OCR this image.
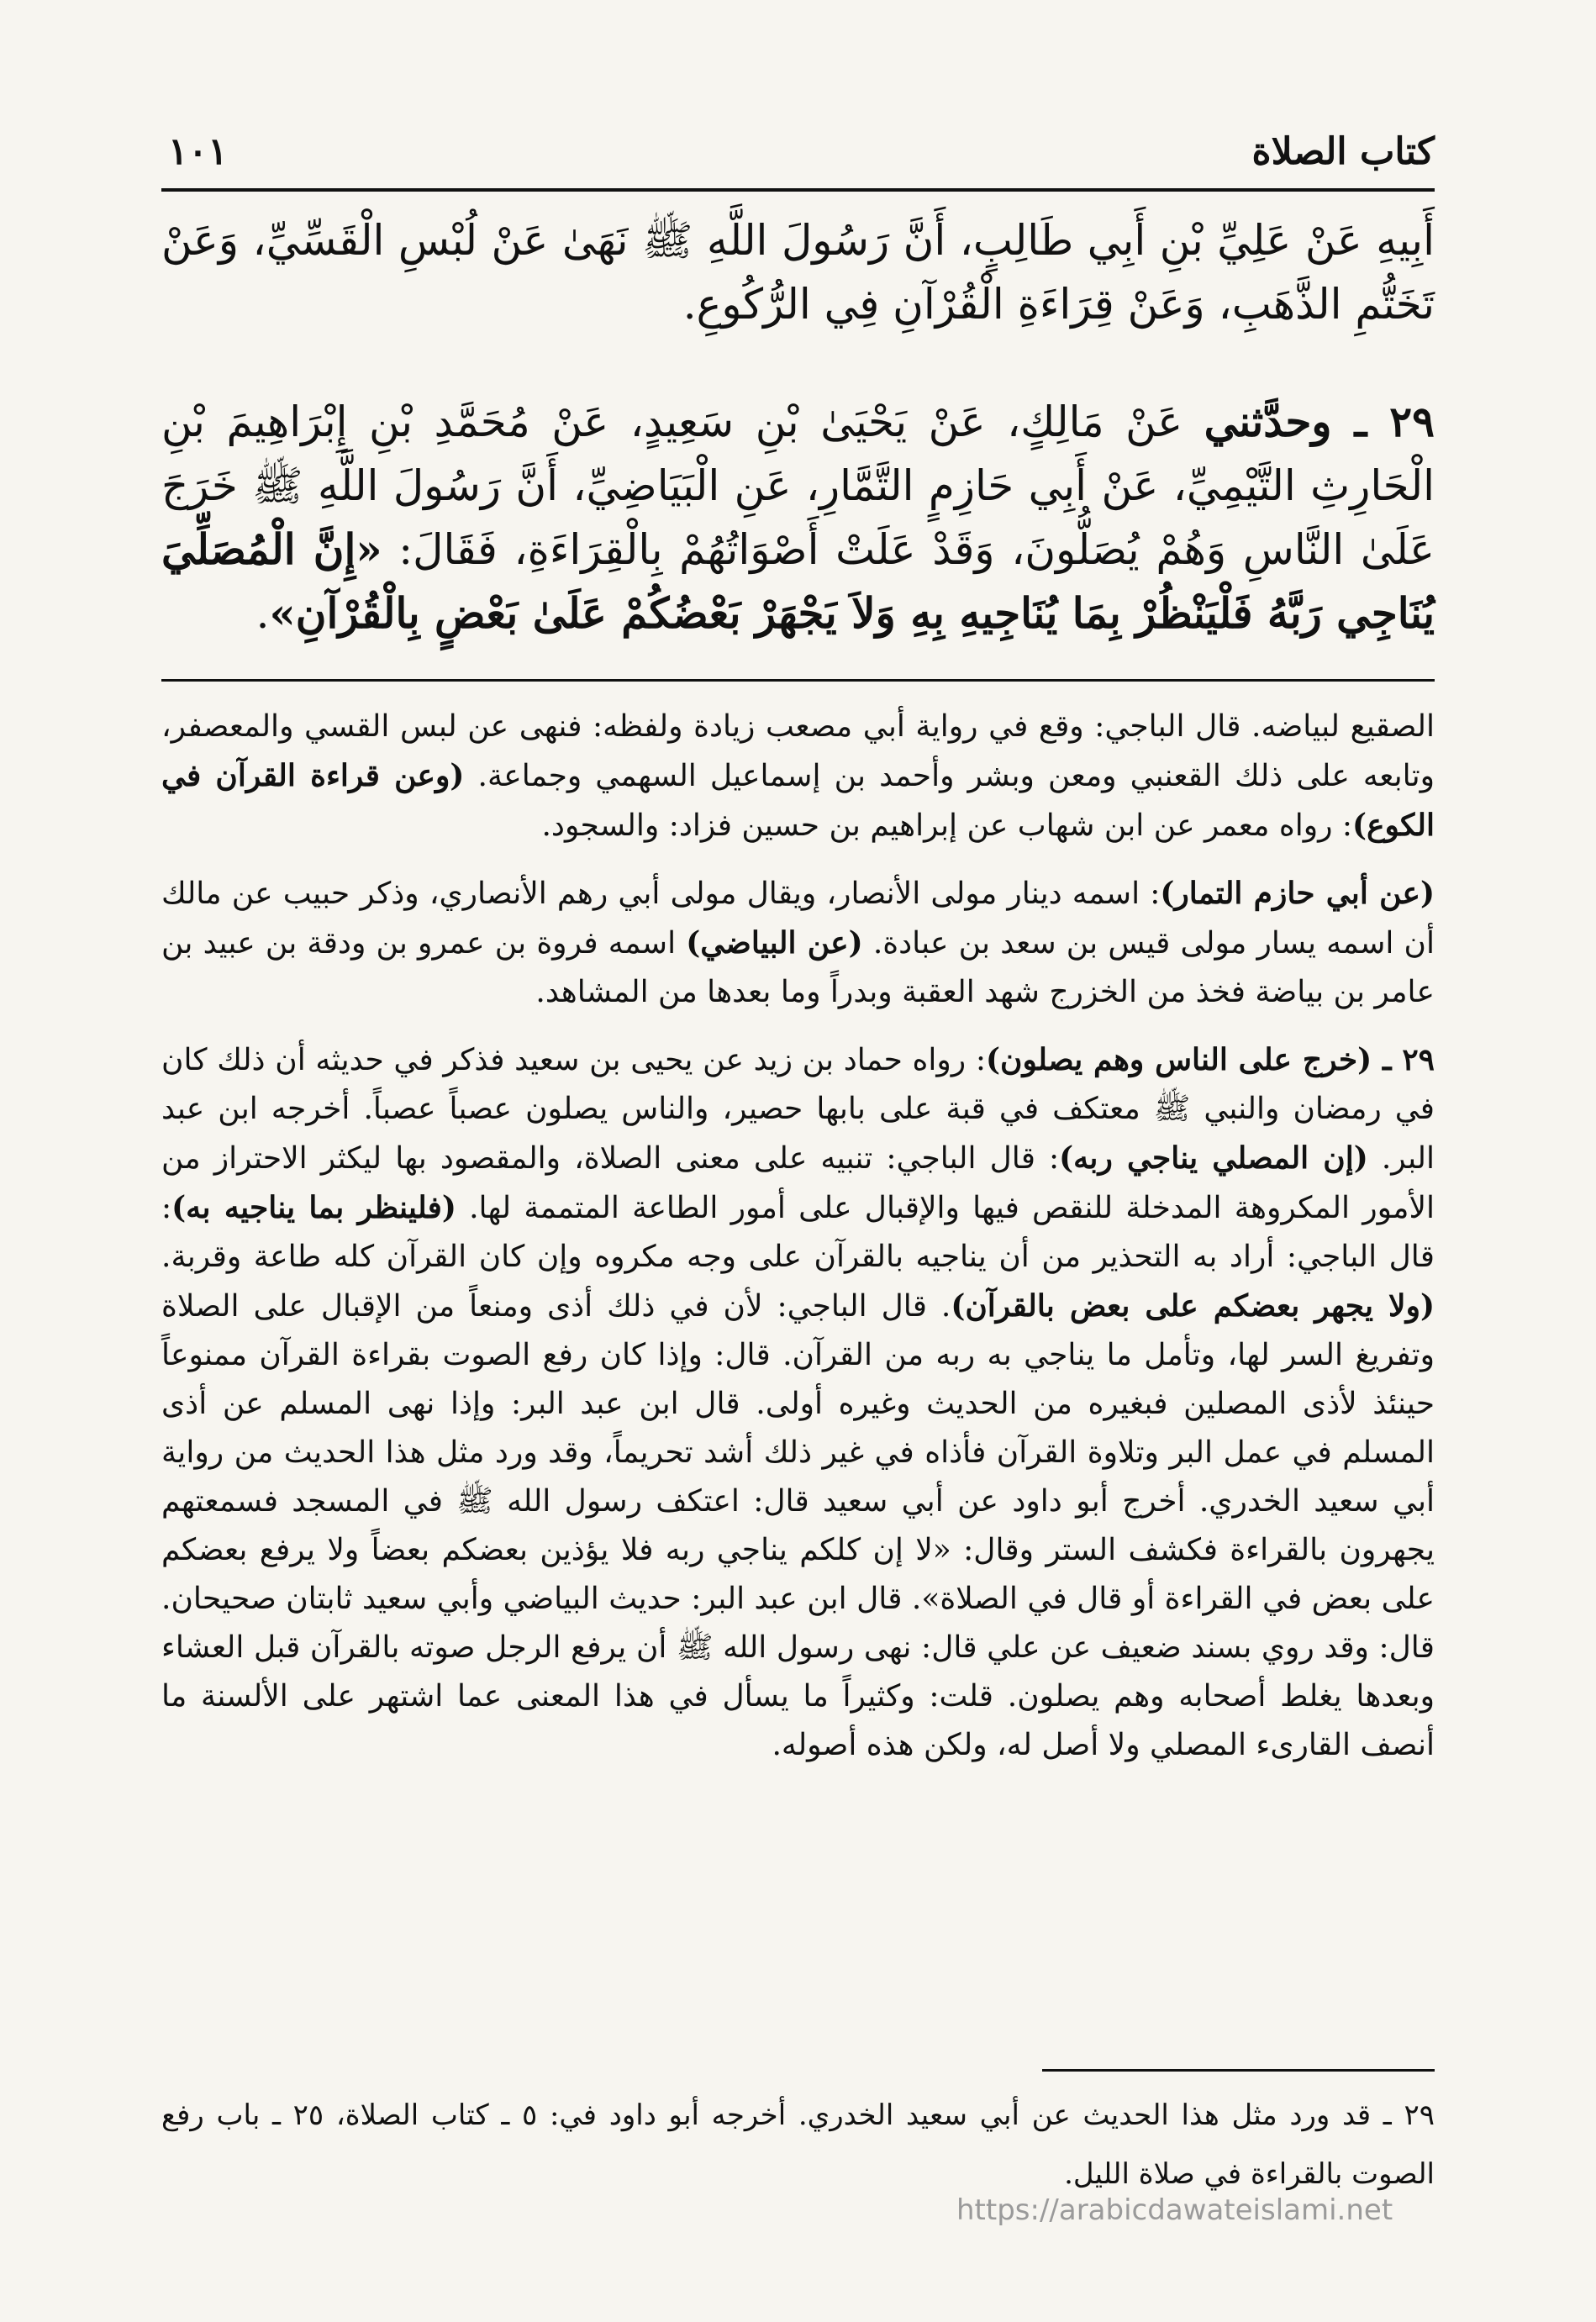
كتاب الصلاة
١٠١

أَبِيهِ عَنْ عَلِيِّ بْنِ أَبِي طَالِبٍ، أَنَّ رَسُولَ اللَّهِ ﷺ نَهَىٰ عَنْ لُبْسِ الْقَسِّيِّ، وَعَنْ تَخَتُّمِ الذَّهَبِ، وَعَنْ قِرَاءَةِ الْقُرْآنِ فِي الرُّكُوعِ.

٢٩ ـ وحدَّثني عَنْ مَالِكٍ، عَنْ يَحْيَىٰ بْنِ سَعِيدٍ، عَنْ مُحَمَّدِ بْنِ إِبْرَاهِيمَ بْنِ الْحَارِثِ التَّيْمِيِّ، عَنْ أَبِي حَازِمٍ التَّمَّارِ، عَنِ الْبَيَاضِيِّ، أَنَّ رَسُولَ اللَّهِ ﷺ خَرَجَ عَلَىٰ النَّاسِ وَهُمْ يُصَلُّونَ، وَقَدْ عَلَتْ أَصْوَاتُهُمْ بِالْقِرَاءَةِ، فَقَالَ: «إِنَّ الْمُصَلِّيَ يُنَاجِي رَبَّهُ فَلْيَنْظُرْ بِمَا يُنَاجِيهِ بِهِ وَلاَ يَجْهَرْ بَعْضُكُمْ عَلَىٰ بَعْضٍ بِالْقُرْآنِ».

الصقيع لبياضه. قال الباجي: وقع في رواية أبي مصعب زيادة ولفظه: فنهى عن لبس القسي والمعصفر، وتابعه على ذلك القعنبي ومعن وبشر وأحمد بن إسماعيل السهمي وجماعة. (وعن قراءة القرآن في الكوع): رواه معمر عن ابن شهاب عن إبراهيم بن حسين فزاد: والسجود.

(عن أبي حازم التمار): اسمه دينار مولى الأنصار، ويقال مولى أبي رهم الأنصاري، وذكر حبيب عن مالك أن اسمه يسار مولى قيس بن سعد بن عبادة. (عن البياضي) اسمه فروة بن عمرو بن ودقة بن عبيد بن عامر بن بياضة فخذ من الخزرج شهد العقبة وبدراً وما بعدها من المشاهد.

٢٩ ـ (خرج على الناس وهم يصلون): رواه حماد بن زيد عن يحيى بن سعيد فذكر في حديثه أن ذلك كان في رمضان والنبي ﷺ معتكف في قبة على بابها حصير، والناس يصلون عصباً عصباً. أخرجه ابن عبد البر. (إن المصلي يناجي ربه): قال الباجي: تنبيه على معنى الصلاة، والمقصود بها ليكثر الاحتراز من الأمور المكروهة المدخلة للنقص فيها والإقبال على أمور الطاعة المتممة لها. (فلينظر بما يناجيه به): قال الباجي: أراد به التحذير من أن يناجيه بالقرآن على وجه مكروه وإن كان القرآن كله طاعة وقربة. (ولا يجهر بعضكم على بعض بالقرآن). قال الباجي: لأن في ذلك أذى ومنعاً من الإقبال على الصلاة وتفريغ السر لها، وتأمل ما يناجي به ربه من القرآن. قال: وإذا كان رفع الصوت بقراءة القرآن ممنوعاً حينئذ لأذى المصلين فبغيره من الحديث وغيره أولى. قال ابن عبد البر: وإذا نهى المسلم عن أذى المسلم في عمل البر وتلاوة القرآن فأذاه في غير ذلك أشد تحريماً، وقد ورد مثل هذا الحديث من رواية أبي سعيد الخدري. أخرج أبو داود عن أبي سعيد قال: اعتكف رسول الله ﷺ في المسجد فسمعتهم يجهرون بالقراءة فكشف الستر وقال: «لا إن كلكم يناجي ربه فلا يؤذين بعضكم بعضاً ولا يرفع بعضكم على بعض في القراءة أو قال في الصلاة». قال ابن عبد البر: حديث البياضي وأبي سعيد ثابتان صحيحان. قال: وقد روي بسند ضعيف عن علي قال: نهى رسول الله ﷺ أن يرفع الرجل صوته بالقرآن قبل العشاء وبعدها يغلط أصحابه وهم يصلون. قلت: وكثيراً ما يسأل في هذا المعنى عما اشتهر على الألسنة ما أنصف القارىء المصلي ولا أصل له، ولكن هذه أصوله.

٢٩ ـ قد ورد مثل هذا الحديث عن أبي سعيد الخدري. أخرجه أبو داود في: ٥ ـ كتاب الصلاة، ٢٥ ـ باب رفع الصوت بالقراءة في صلاة الليل.
https://arabicdawateislami.net
